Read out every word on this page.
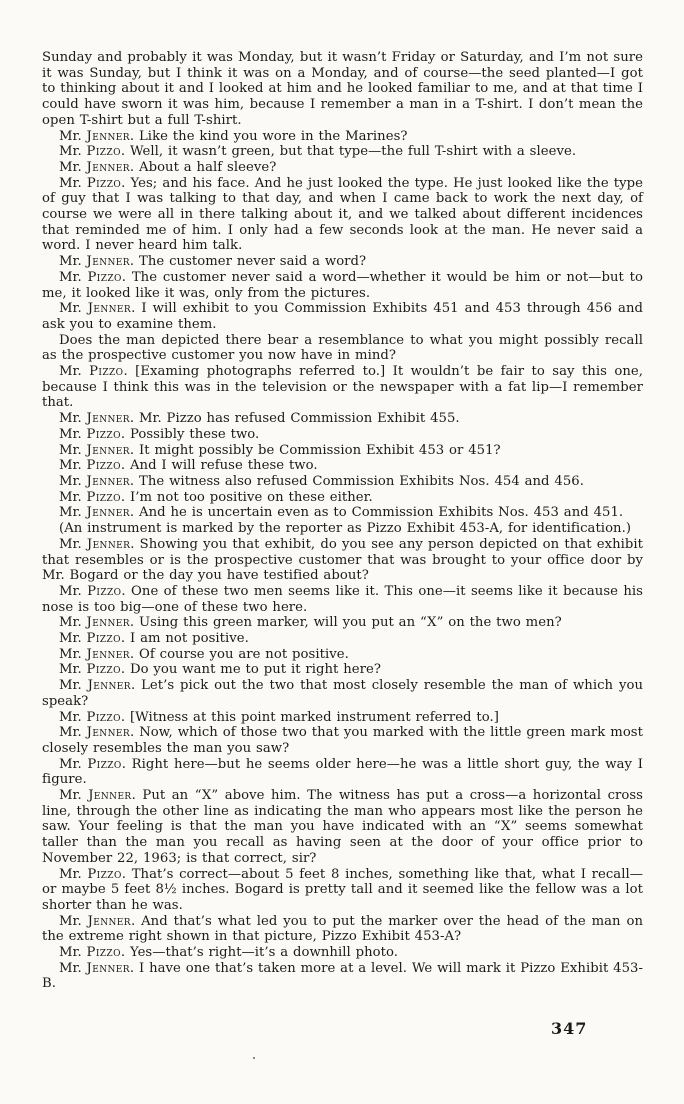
Sunday and probably it was Monday, but it wasn’t Friday or Saturday, and I’m not sure it was Sunday, but I think it was on a Monday, and of course—the seed planted—I got to thinking about it and I looked at him and he looked familiar to me, and at that time I could have sworn it was him, because I remember a man in a T-shirt. I don’t mean the open T-shirt but a full T-shirt.

Mr. Jenner. Like the kind you wore in the Marines?

Mr. Pizzo. Well, it wasn’t green, but that type—the full T-shirt with a sleeve.

Mr. Jenner. About a half sleeve?

Mr. Pizzo. Yes; and his face. And he just looked the type. He just looked like the type of guy that I was talking to that day, and when I came back to work the next day, of course we were all in there talking about it, and we talked about different incidences that reminded me of him. I only had a few seconds look at the man. He never said a word. I never heard him talk.

Mr. Jenner. The customer never said a word?

Mr. Pizzo. The customer never said a word—whether it would be him or not—but to me, it looked like it was, only from the pictures.

Mr. Jenner. I will exhibit to you Commission Exhibits 451 and 453 through 456 and ask you to examine them.

Does the man depicted there bear a resemblance to what you might possibly recall as the prospective customer you now have in mind?

Mr. Pizzo. [Examing photographs referred to.] It wouldn’t be fair to say this one, because I think this was in the television or the newspaper with a fat lip—I remember that.

Mr. Jenner. Mr. Pizzo has refused Commission Exhibit 455.

Mr. Pizzo. Possibly these two.

Mr. Jenner. It might possibly be Commission Exhibit 453 or 451?

Mr. Pizzo. And I will refuse these two.

Mr. Jenner. The witness also refused Commission Exhibits Nos. 454 and 456.

Mr. Pizzo. I’m not too positive on these either.

Mr. Jenner. And he is uncertain even as to Commission Exhibits Nos. 453 and 451.

(An instrument is marked by the reporter as Pizzo Exhibit 453-A, for identification.)

Mr. Jenner. Showing you that exhibit, do you see any person depicted on that exhibit that resembles or is the prospective customer that was brought to your office door by Mr. Bogard or the day you have testified about?

Mr. Pizzo. One of these two men seems like it. This one—it seems like it because his nose is too big—one of these two here.

Mr. Jenner. Using this green marker, will you put an “X” on the two men?

Mr. Pizzo. I am not positive.

Mr. Jenner. Of course you are not positive.

Mr. Pizzo. Do you want me to put it right here?

Mr. Jenner. Let’s pick out the two that most closely resemble the man of which you speak?

Mr. Pizzo. [Witness at this point marked instrument referred to.]

Mr. Jenner. Now, which of those two that you marked with the little green mark most closely resembles the man you saw?

Mr. Pizzo. Right here—but he seems older here—he was a little short guy, the way I figure.

Mr. Jenner. Put an “X” above him. The witness has put a cross—a horizontal cross line, through the other line as indicating the man who appears most like the person he saw. Your feeling is that the man you have indicated with an “X” seems somewhat taller than the man you recall as having seen at the door of your office prior to November 22, 1963; is that correct, sir?

Mr. Pizzo. That’s correct—about 5 feet 8 inches, something like that, what I recall—or maybe 5 feet 8½ inches. Bogard is pretty tall and it seemed like the fellow was a lot shorter than he was.

Mr. Jenner. And that’s what led you to put the marker over the head of the man on the extreme right shown in that picture, Pizzo Exhibit 453-A?

Mr. Pizzo. Yes—that’s right—it’s a downhill photo.

Mr. Jenner. I have one that’s taken more at a level. We will mark it Pizzo Exhibit 453-B.

347
